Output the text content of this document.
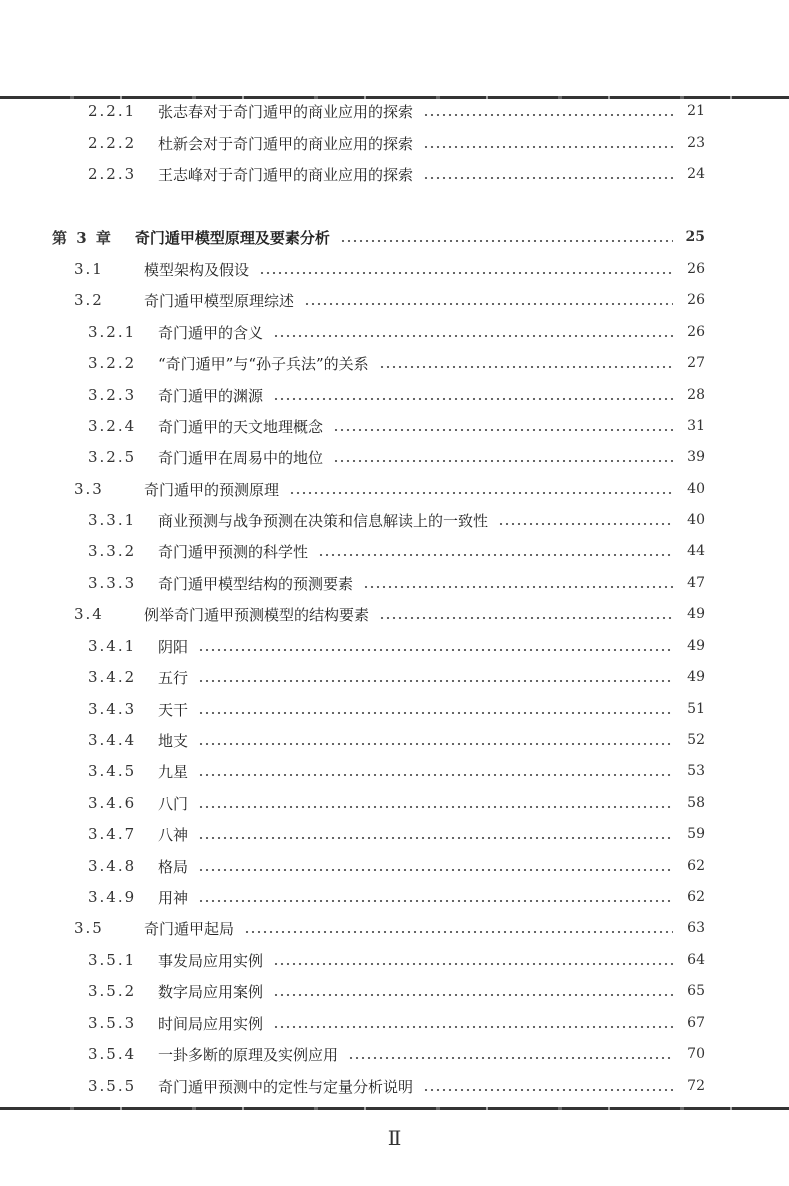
2.2.1	张志春对于奇门遁甲的商业应用的探索	21
2.2.2	杜新会对于奇门遁甲的商业应用的探索	23
2.2.3	王志峰对于奇门遁甲的商业应用的探索	24
第 3 章 奇门遁甲模型原理及要素分析	25
3.1	模型架构及假设	26
3.2	奇门遁甲模型原理综述	26
3.2.1	奇门遁甲的含义	26
3.2.2	“奇门遁甲”与“孙子兵法”的关系	27
3.2.3	奇门遁甲的渊源	28
3.2.4	奇门遁甲的天文地理概念	31
3.2.5	奇门遁甲在周易中的地位	39
3.3	奇门遁甲的预测原理	40
3.3.1	商业预测与战争预测在决策和信息解读上的一致性	40
3.3.2	奇门遁甲预测的科学性	44
3.3.3	奇门遁甲模型结构的预测要素	47
3.4	例举奇门遁甲预测模型的结构要素	49
3.4.1	阴阳	49
3.4.2	五行	49
3.4.3	天干	51
3.4.4	地支	52
3.4.5	九星	53
3.4.6	八门	58
3.4.7	八神	59
3.4.8	格局	62
3.4.9	用神	62
3.5	奇门遁甲起局	63
3.5.1	事发局应用实例	64
3.5.2	数字局应用案例	65
3.5.3	时间局应用实例	67
3.5.4	一卦多断的原理及实例应用	70
3.5.5	奇门遁甲预测中的定性与定量分析说明	72
Ⅱ
